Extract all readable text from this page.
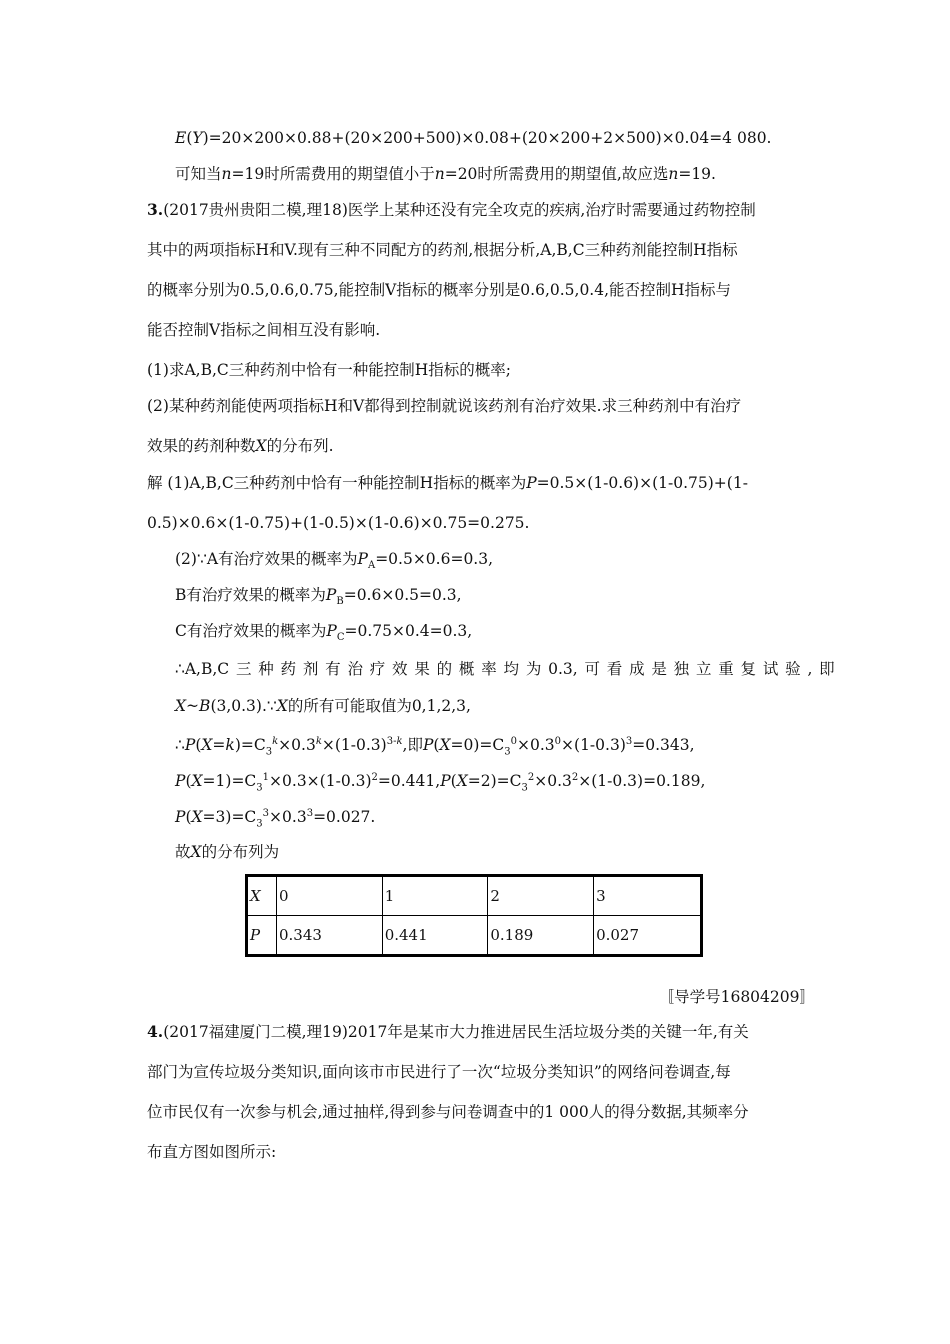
E(Y)=20×200×0.88+(20×200+500)×0.08+(20×200+2×500)×0.04=4 080.
可知当n=19时所需费用的期望值小于n=20时所需费用的期望值,故应选n=19.
3.(2017贵州贵阳二模,理18)医学上某种还没有完全攻克的疾病,治疗时需要通过药物控制
其中的两项指标H和V.现有三种不同配方的药剂,根据分析,A,B,C三种药剂能控制H指标
的概率分别为0.5,0.6,0.75,能控制V指标的概率分别是0.6,0.5,0.4,能否控制H指标与
能否控制V指标之间相互没有影响.
(1)求A,B,C三种药剂中恰有一种能控制H指标的概率;
(2)某种药剂能使两项指标H和V都得到控制就说该药剂有治疗效果.求三种药剂中有治疗
效果的药剂种数X的分布列.
解 (1)A,B,C三种药剂中恰有一种能控制H指标的概率为P=0.5×(1-0.6)×(1-0.75)+(1-
0.5)×0.6×(1-0.75)+(1-0.5)×(1-0.6)×0.75=0.275.
(2)∵A有治疗效果的概率为$P_A=0.5\times 0.6=0.3$,
B有治疗效果的概率为$P_B=0.6\times 0.5=0.3$,
C有治疗效果的概率为$P_C=0.75\times 0.4=0.3$,
∴A,B,C 三 种 药 剂 有 治 疗 效 果 的 概 率 均 为 0.3, 可 看 成 是 独 立 重 复 试 验 , 即
X~B(3,0.3).∵X的所有可能取值为0,1,2,3,
$\therefore P(X=k)=C_3^k\times 0.3^k\times(1-0.3)^{3-k}$,即$P(X=0)=C_3^0\times 0.3^0\times(1-0.3)^3=0.343$,
$P(X=1)=C_3^1\times 0.3\times(1-0.3)^2=0.441,P(X=2)=C_3^2\times 0.3^2\times(1-0.3)=0.189$,
$P(X=3)=C_3^3\times 0.3^3=0.027$.
故X的分布列为
X	0	1	2	3
P	0.343	0.441	0.189	0.027
〚导学号16804209〛
4.(2017福建厦门二模,理19)2017年是某市大力推进居民生活垃圾分类的关键一年,有关
部门为宣传垃圾分类知识,面向该市市民进行了一次“垃圾分类知识”的网络问卷调查,每
位市民仅有一次参与机会,通过抽样,得到参与问卷调查中的1 000人的得分数据,其频率分
布直方图如图所示:
